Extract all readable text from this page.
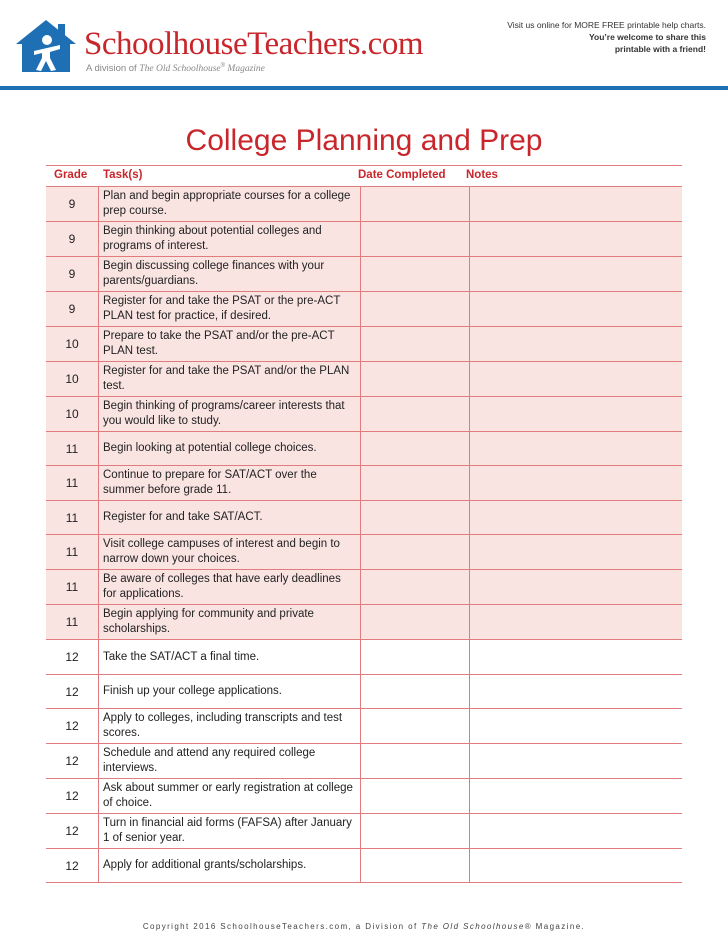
SchoolhouseTeachers.com
A division of The Old Schoolhouse® Magazine
Visit us online for MORE FREE printable help charts.
You’re welcome to share this
printable with a friend!
College Planning and Prep
Grade Task(s)	Date Completed Notes
9	Plan and begin appropriate courses for a college prep course.		
9	Begin thinking about potential colleges and programs of interest.		
9	Begin discussing college finances with your parents/guardians.		
9	Register for and take the PSAT or the pre-ACT PLAN test for practice, if desired.		
10	Prepare to take the PSAT and/or the pre-ACT PLAN test.		
10	Register for and take the PSAT and/or the PLAN test.		
10	Begin thinking of programs/career interests that you would like to study.		
11	Begin looking at potential college choices.		
11	Continue to prepare for SAT/ACT over the summer before grade 11.		
11	Register for and take SAT/ACT.		
11	Visit college campuses of interest and begin to narrow down your choices.		
11	Be aware of colleges that have early deadlines for applications.		
11	Begin applying for community and private scholarships.		
12	Take the SAT/ACT a final time.		
12	Finish up your college applications.		
12	Apply to colleges, including transcripts and test scores.		
12	Schedule and attend any required college interviews.		
12	Ask about summer or early registration at college of choice.		
12	Turn in financial aid forms (FAFSA) after January 1 of senior year.		
12	Apply for additional grants/scholarships.		
Copyright 2016 SchoolhouseTeachers.com, a Division of The Old Schoolhouse® Magazine.
